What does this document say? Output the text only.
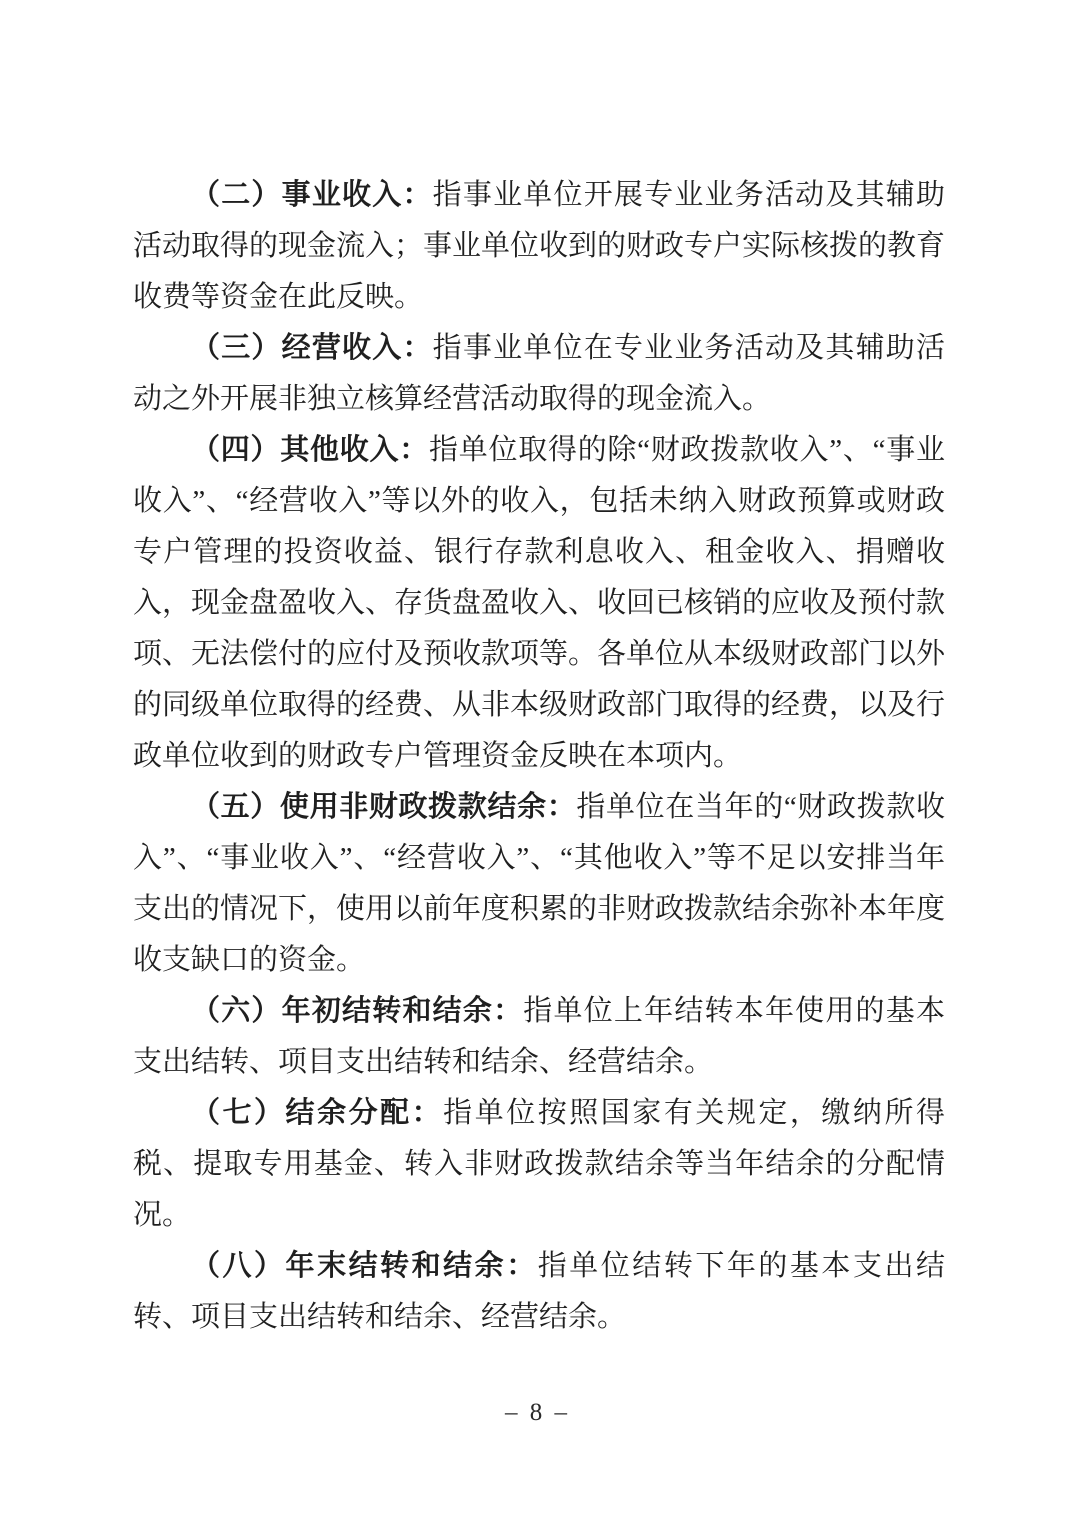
（二）事业收入：指事业单位开展专业业务活动及其辅助活动取得的现金流入；事业单位收到的财政专户实际核拨的教育收费等资金在此反映。

（三）经营收入：指事业单位在专业业务活动及其辅助活动之外开展非独立核算经营活动取得的现金流入。

（四）其他收入：指单位取得的除“财政拨款收入”、“事业收入”、“经营收入”等以外的收入，包括未纳入财政预算或财政专户管理的投资收益、银行存款利息收入、租金收入、捐赠收入，现金盘盈收入、存货盘盈收入、收回已核销的应收及预付款项、无法偿付的应付及预收款项等。各单位从本级财政部门以外的同级单位取得的经费、从非本级财政部门取得的经费，以及行政单位收到的财政专户管理资金反映在本项内。

（五）使用非财政拨款结余：指单位在当年的“财政拨款收入”、“事业收入”、“经营收入”、“其他收入”等不足以安排当年支出的情况下，使用以前年度积累的非财政拨款结余弥补本年度收支缺口的资金。

（六）年初结转和结余：指单位上年结转本年使用的基本支出结转、项目支出结转和结余、经营结余。

（七）结余分配：指单位按照国家有关规定，缴纳所得税、提取专用基金、转入非财政拨款结余等当年结余的分配情况。

（八）年末结转和结余：指单位结转下年的基本支出结转、项目支出结转和结余、经营结余。

– 8 –
